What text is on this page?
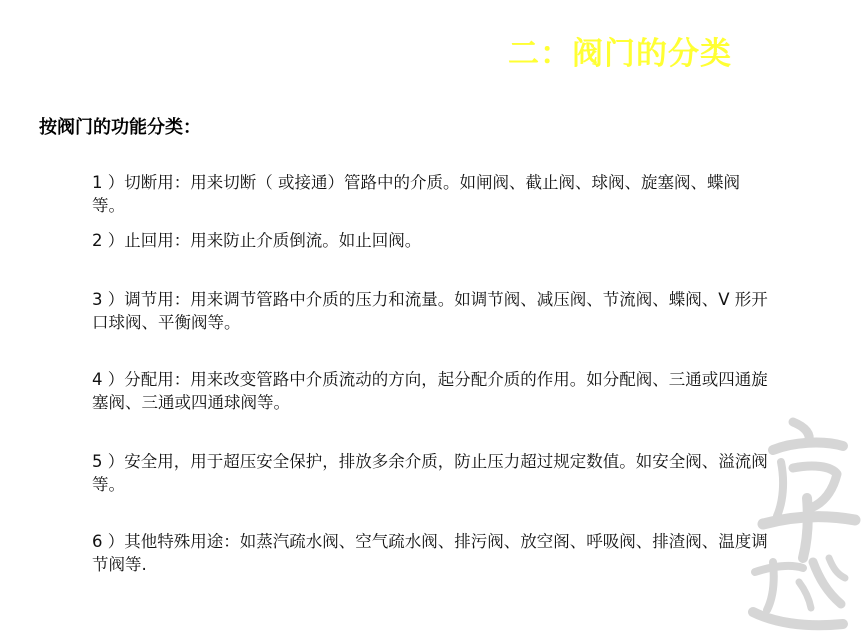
二：阀门的分类
按阀门的功能分类：
1 ）切断用：用来切断（ 或接通）管路中的介质。如闸阀、截止阀、球阀、旋塞阀、蝶阀等。
2 ）止回用：用来防止介质倒流。如止回阀。
3 ）调节用：用来调节管路中介质的压力和流量。如调节阀、减压阀、节流阀、蝶阀、V 形开口球阀、平衡阀等。
4 ）分配用：用来改变管路中介质流动的方向，起分配介质的作用。如分配阀、三通或四通旋塞阀、三通或四通球阀等。
5 ）安全用，用于超压安全保护，排放多余介质，防止压力超过规定数值。如安全阀、溢流阀等。
6 ）其他特殊用途：如蒸汽疏水阀、空气疏水阀、排污阀、放空阁、呼吸阀、排渣阀、温度调节阀等.
